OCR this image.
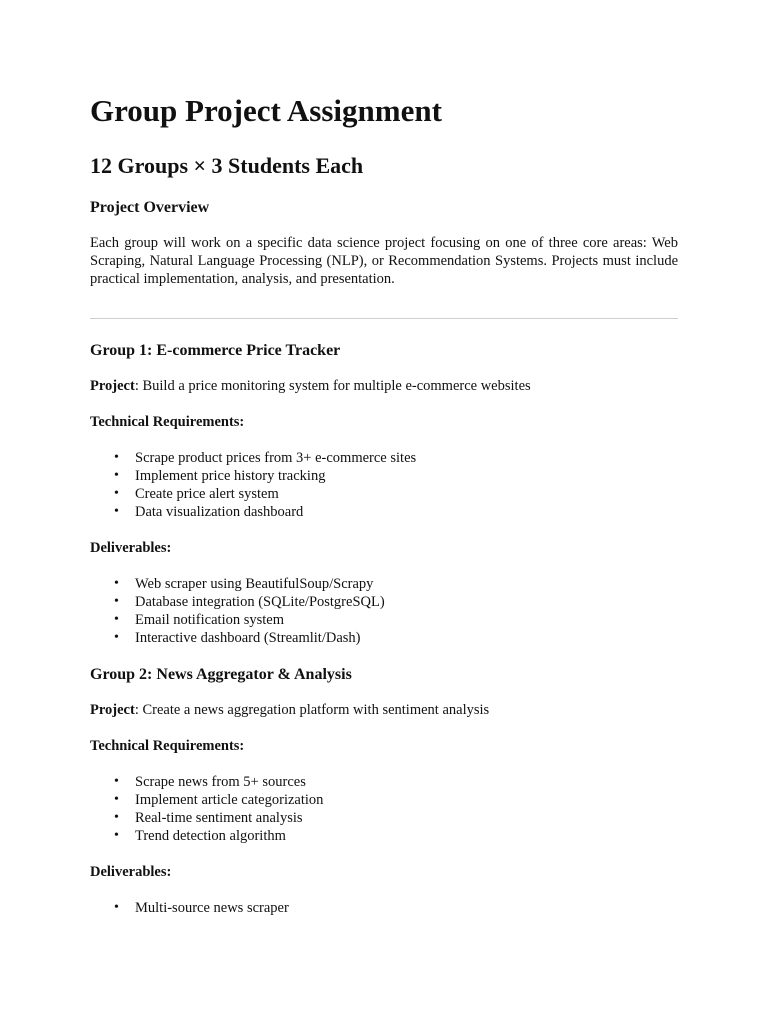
Group Project Assignment
12 Groups × 3 Students Each
Project Overview

Each group will work on a specific data science project focusing on one of three core areas: Web Scraping, Natural Language Processing (NLP), or Recommendation Systems. Projects must include practical implementation, analysis, and presentation.

Group 1: E-commerce Price Tracker

Project: Build a price monitoring system for multiple e-commerce websites

Technical Requirements:
• Scrape product prices from 3+ e-commerce sites
• Implement price history tracking
• Create price alert system
• Data visualization dashboard
Deliverables:
• Web scraper using BeautifulSoup/Scrapy
• Database integration (SQLite/PostgreSQL)
• Email notification system
• Interactive dashboard (Streamlit/Dash)
Group 2: News Aggregator & Analysis

Project: Create a news aggregation platform with sentiment analysis

Technical Requirements:
• Scrape news from 5+ sources
• Implement article categorization
• Real-time sentiment analysis
• Trend detection algorithm
Deliverables:
• Multi-source news scraper
